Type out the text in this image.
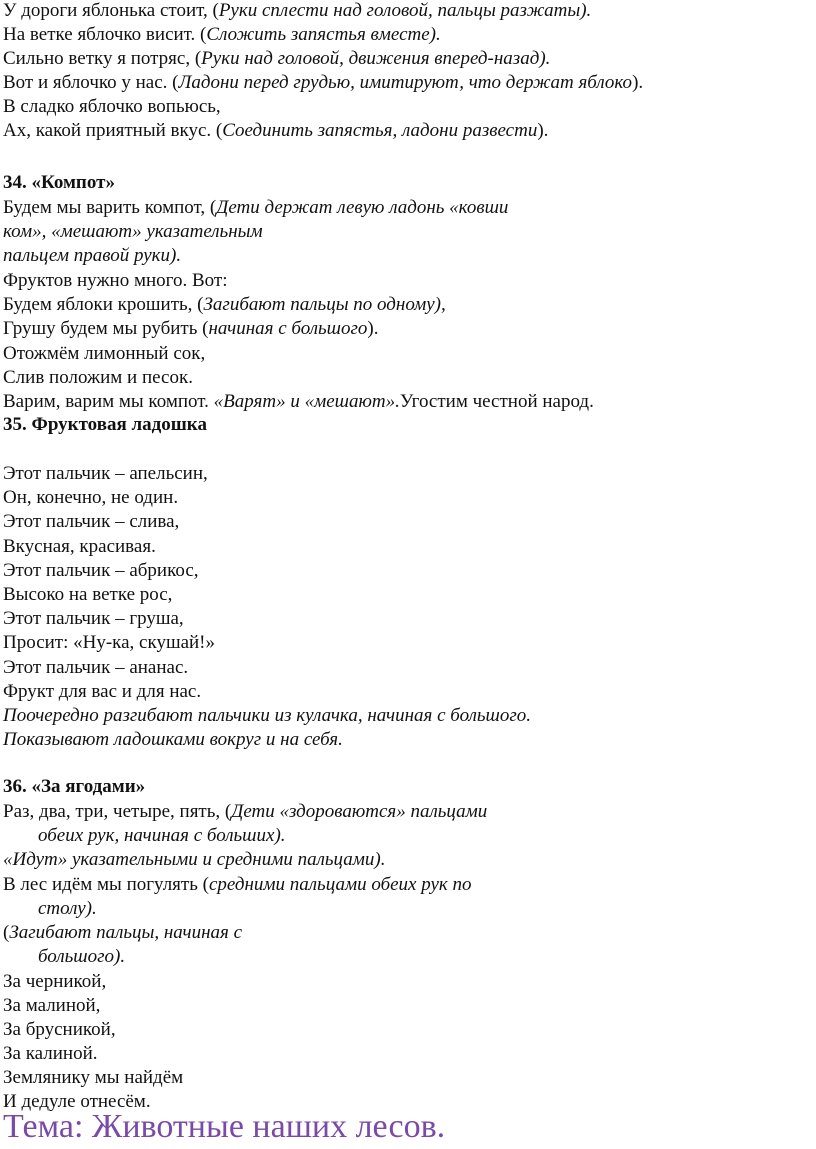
У дороги яблонька стоит, (Руки сплести над головой, пальцы разжаты).
На ветке яблочко висит. (Сложить запястья вместе).
Сильно ветку я потряс, (Руки над головой, движения вперед-назад).
Вот и яблочко у нас. (Ладони перед грудью, имитируют, что держат яблоко).
В сладко яблочко вопьюсь,
Ах, какой приятный вкус. (Соединить запястья, ладони развести).
34. «Компот»
Будем мы варить компот, (Дети держат левую ладонь «ковши
ком», «мешают» указательным
пальцем правой руки).
Фруктов нужно много. Вот:
Будем яблоки крошить, (Загибают пальцы по одному),
Грушу будем мы рубить (начиная с большого).
Отожмём лимонный сок,
Слив положим и песок.
Варим, варим мы компот. «Варят» и «мешают».Угостим честной народ.
35. Фруктовая ладошка
Этот пальчик – апельсин,
Он, конечно, не один.
Этот пальчик – слива,
Вкусная, красивая.
Этот пальчик – абрикос,
Высоко на ветке рос,
Этот пальчик – груша,
Просит: «Ну-ка, скушай!»
Этот пальчик – ананас.
Фрукт для вас и для нас.
Поочередно разгибают пальчики из кулачка, начиная с большого.
Показывают ладошками вокруг и на себя.
36. «За ягодами»
Раз, два, три, четыре, пять, (Дети «здороваются» пальцами
обеих рук, начиная с больших).
«Идут» указательными и средними пальцами).
В лес идём мы погулять (средними пальцами обеих рук по
столу).
(Загибают пальцы, начиная с
большого).
За черникой,
За малиной,
За брусникой,
За калиной.
Землянику мы найдём
И дедуле отнесём.
Тема: Животные наших лесов.
